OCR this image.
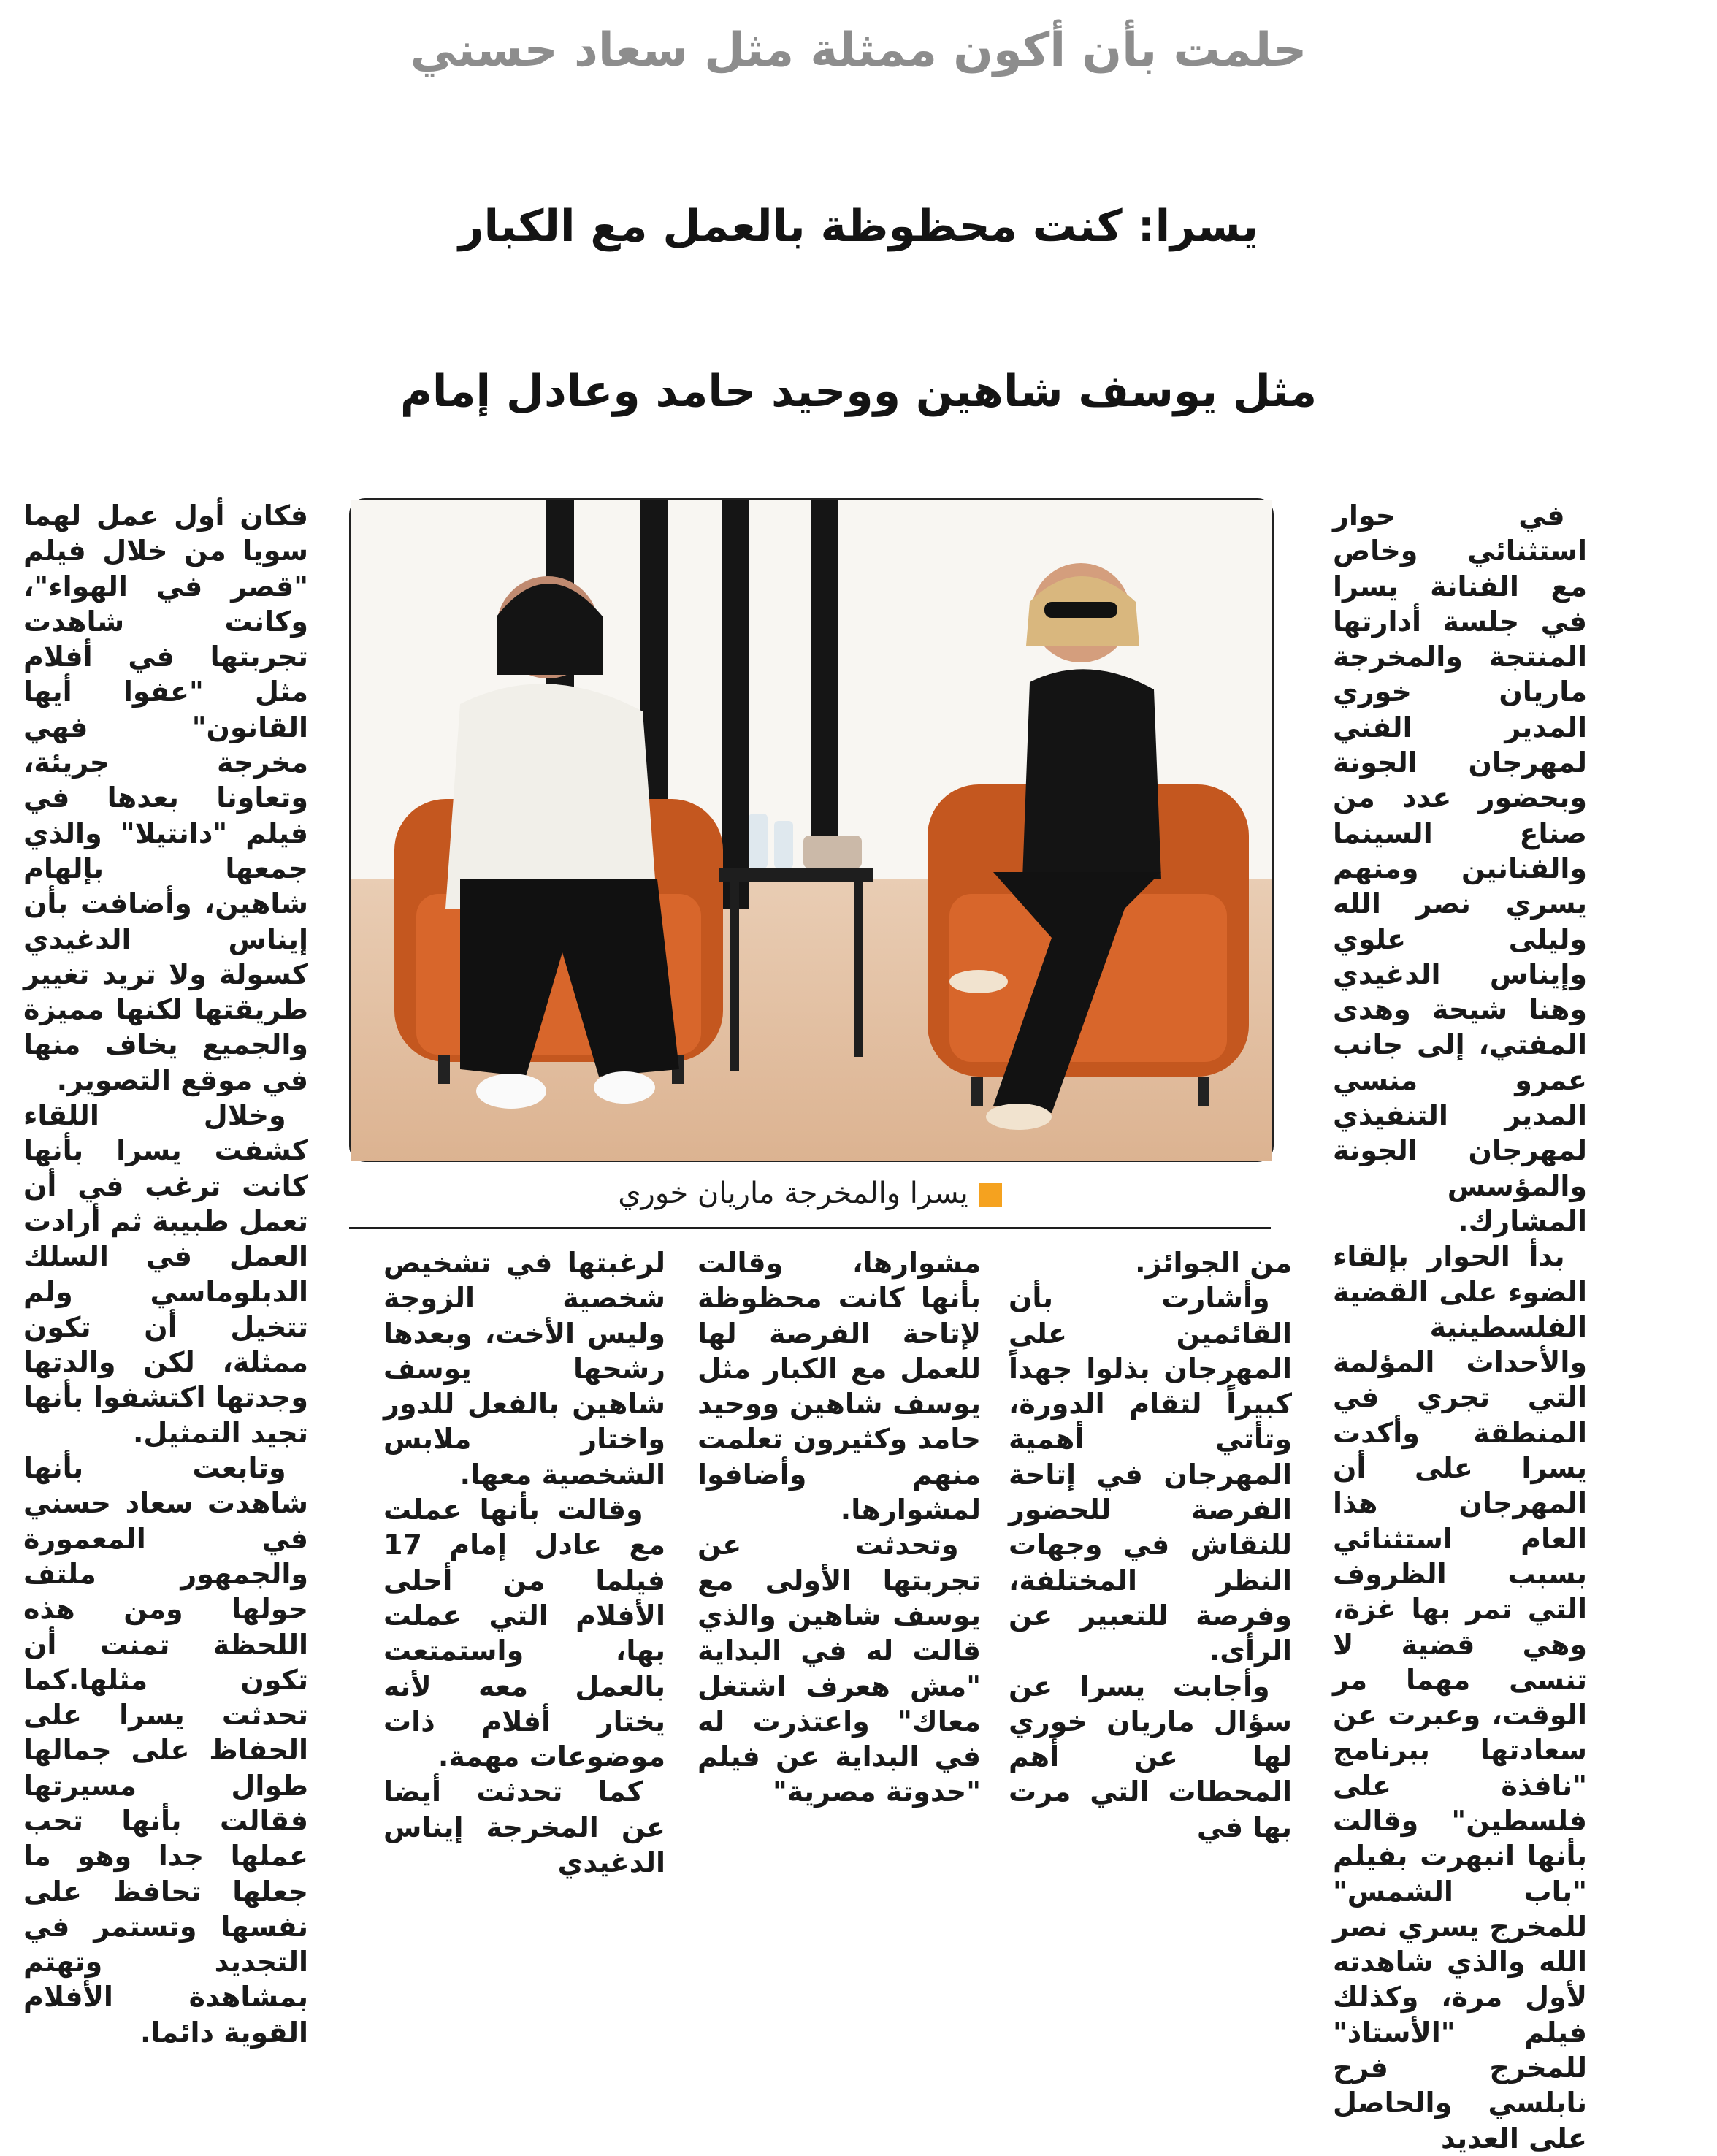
حلمت بأن أكون ممثلة مثل سعاد حسني
يسرا: كنت محظوظة بالعمل مع الكبار
مثل يوسف شاهين ووحيد حامد وعادل إمام

في حوار استثنائي وخاص مع الفنانة يسرا في جلسة أدارتها المنتجة والمخرجة ماريان خوري المدير الفني لمهرجان الجونة وبحضور عدد من صناع السينما والفنانين ومنهم يسري نصر الله وليلى علوي وإيناس الدغيدي وهنا شيحة وهدى المفتي، إلى جانب عمرو منسي المدير التنفيذي لمهرجان الجونة والمؤسس المشارك.

بدأ الحوار بإلقاء الضوء على القضية الفلسطينية والأحداث المؤلمة التي تجري في المنطقة وأكدت يسرا على أن المهرجان هذا العام استثنائي بسبب الظروف التي تمر بها غزة، وهي قضية لا تنسى مهما مر الوقت، وعبرت عن سعادتها ببرنامج "نافذة على فلسطين" وقالت بأنها انبهرت بفيلم "باب الشمس" للمخرج يسري نصر الله والذي شاهدته لأول مرة، وكذلك فيلم "الأستاذ" للمخرج فرح نابلسي والحاصل على العديد

يسرا والمخرجة ماريان خوري

من الجوائز.

وأشارت بأن القائمين على المهرجان بذلوا جهداً كبيراً لتقام الدورة، وتأتي أهمية المهرجان في إتاحة الفرصة للحضور للنقاش في وجهات النظر المختلفة، وفرصة للتعبير عن الرأى.

وأجابت يسرا عن سؤال ماريان خوري لها عن أهم المحطات التي مرت بها في

مشوارها، وقالت بأنها كانت محظوظة لإتاحة الفرصة لها للعمل مع الكبار مثل يوسف شاهين ووحيد حامد وكثيرون تعلمت منهم وأضافوا لمشوارها.

وتحدثت عن تجربتها الأولى مع يوسف شاهين والذي قالت له في البداية "مش هعرف اشتغل معاك" واعتذرت له في البداية عن فيلم "حدوتة مصرية"

لرغبتها في تشخيص شخصية الزوجة وليس الأخت، وبعدها رشحها يوسف شاهين بالفعل للدور واختار ملابس الشخصية معها.

وقالت بأنها عملت مع عادل إمام 17 فيلما من أحلى الأفلام التي عملت بها، واستمتعت بالعمل معه لأنه يختار أفلام ذات موضوعات مهمة.

كما تحدثت أيضا عن المخرجة إيناس الدغيدي

فكان أول عمل لهما سويا من خلال فيلم "قصر في الهواء"، وكانت شاهدت تجربتها في أفلام مثل "عفوا أيها القانون" فهي مخرجة جريئة، وتعاونا بعدها في فيلم "دانتيلا" والذي جمعها بإلهام شاهين، وأضافت بأن إيناس الدغيدي كسولة ولا تريد تغيير طريقتها لكنها مميزة والجميع يخاف منها في موقع التصوير.

وخلال اللقاء كشفت يسرا بأنها كانت ترغب في أن تعمل طبيبة ثم أرادت العمل في السلك الدبلوماسي ولم تتخيل أن تكون ممثلة، لكن والدتها وجدتها اكتشفوا بأنها تجيد التمثيل.

وتابعت بأنها شاهدت سعاد حسني في المعمورة والجمهور ملتف حولها ومن هذه اللحظة تمنت أن تكون مثلها.كما تحدثت يسرا على الحفاظ على جمالها طوال مسيرتها فقالت بأنها تحب عملها جدا وهو ما جعلها تحافظ على نفسها وتستمر في التجديد وتهتم بمشاهدة الأفلام القوية دائما.
